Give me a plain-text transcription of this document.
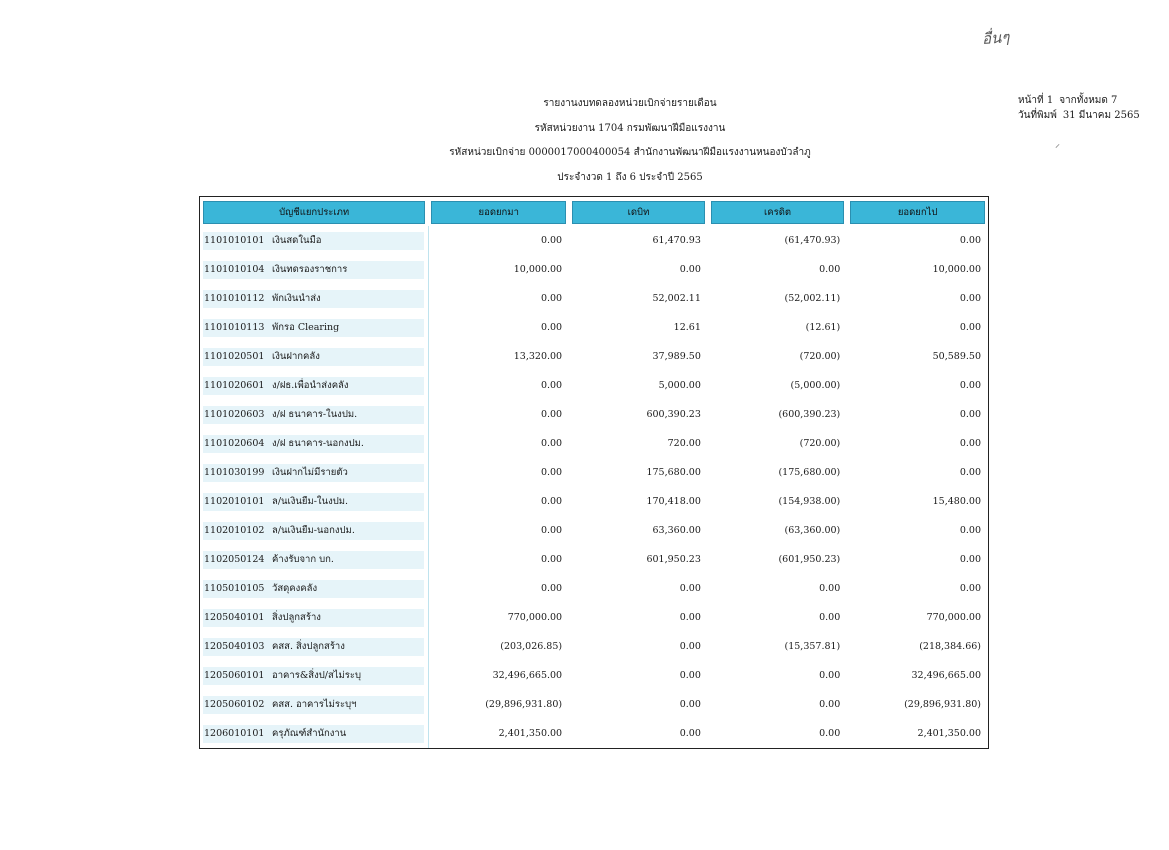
อื่นๆ
รายงานงบทดลองหน่วยเบิกจ่ายรายเดือน
รหัสหน่วยงาน 1704 กรมพัฒนาฝีมือแรงงาน
รหัสหน่วยเบิกจ่าย 0000017000400054 สำนักงานพัฒนาฝีมือแรงงานหนองบัวลำภู
ประจำงวด 1 ถึง 6 ประจำปี 2565
หน้าที่ 1 จากทั้งหมด 7
วันที่พิมพ์ 31 มีนาคม 2565
⸝
บัญชีแยกประเภท	ยอดยกมา	เดบิท	เครดิต	ยอดยกไป

1101010101 เงินสดในมือ	0.00	61,470.93	(61,470.93)	0.00

1101010104 เงินทดรองราชการ	10,000.00	0.00	0.00	10,000.00

1101010112 พักเงินนำส่ง	0.00	52,002.11	(52,002.11)	0.00

1101010113 พักรอ Clearing	0.00	12.61	(12.61)	0.00

1101020501 เงินฝากคลัง	13,320.00	37,989.50	(720.00)	50,589.50

1101020601 ง/ฝธ.เพื่อนำส่งคลัง	0.00	5,000.00	(5,000.00)	0.00

1101020603 ง/ฝ ธนาคาร-ในงปม.	0.00	600,390.23	(600,390.23)	0.00

1101020604 ง/ฝ ธนาคาร-นอกงปม.	0.00	720.00	(720.00)	0.00

1101030199 เงินฝากไม่มีรายตัว	0.00	175,680.00	(175,680.00)	0.00

1102010101 ล/นเงินยืม-ในงปม.	0.00	170,418.00	(154,938.00)	15,480.00

1102010102 ล/นเงินยืม-นอกงปม.	0.00	63,360.00	(63,360.00)	0.00

1102050124 ค้างรับจาก บก.	0.00	601,950.23	(601,950.23)	0.00

1105010105 วัสดุคงคลัง	0.00	0.00	0.00	0.00

1205040101 สิ่งปลูกสร้าง	770,000.00	0.00	0.00	770,000.00

1205040103 คสส. สิ่งปลูกสร้าง	(203,026.85)	0.00	(15,357.81)	(218,384.66)

1205060101 อาคาร&สิ่งป/สไม่ระบุ	32,496,665.00	0.00	0.00	32,496,665.00

1205060102 คสส. อาคารไม่ระบุฯ	(29,896,931.80)	0.00	0.00	(29,896,931.80)

1206010101 ครุภัณฑ์สำนักงาน	2,401,350.00	0.00	0.00	2,401,350.00
